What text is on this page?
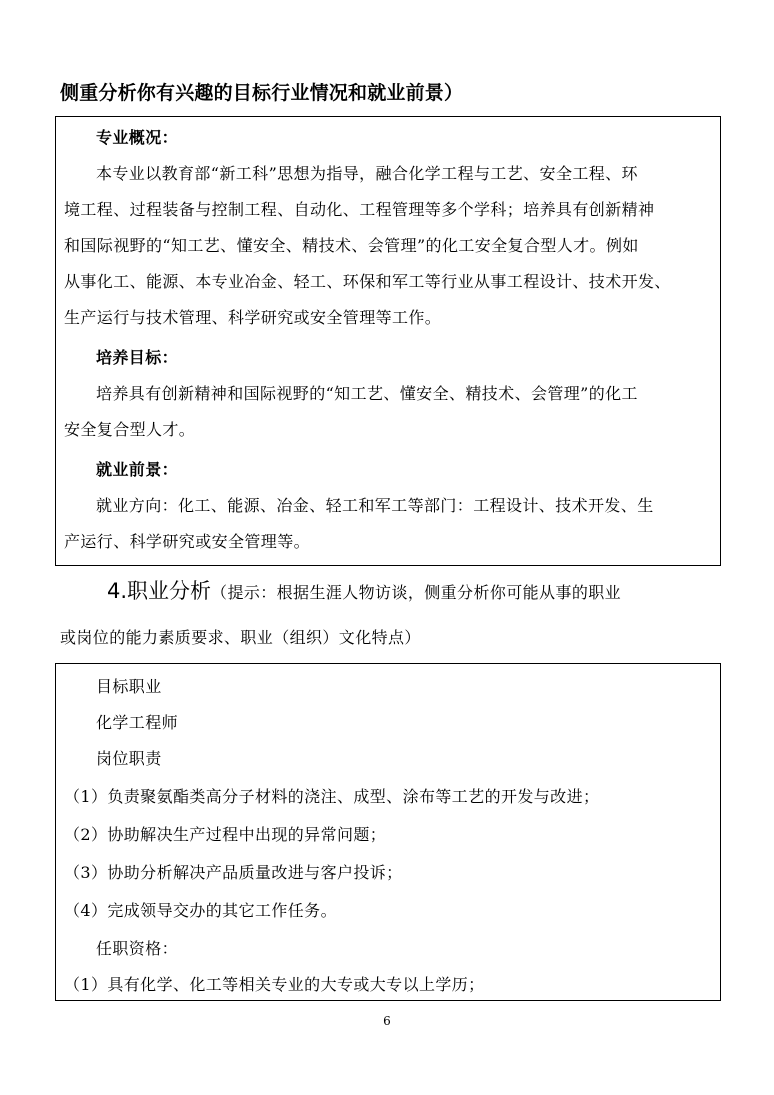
侧重分析你有兴趣的目标行业情况和就业前景）
专业概况：
本专业以教育部“新工科”思想为指导，融合化学工程与工艺、安全工程、环
境工程、过程装备与控制工程、自动化、工程管理等多个学科；培养具有创新精神
和国际视野的“知工艺、懂安全、精技术、会管理”的化工安全复合型人才。例如
从事化工、能源、本专业冶金、轻工、环保和军工等行业从事工程设计、技术开发、
生产运行与技术管理、科学研究或安全管理等工作。
培养目标：
培养具有创新精神和国际视野的“知工艺、懂安全、精技术、会管理”的化工
安全复合型人才。
就业前景：
就业方向：化工、能源、冶金、轻工和军工等部门：工程设计、技术开发、生
产运行、科学研究或安全管理等。
4.职业分析（提示：根据生涯人物访谈，侧重分析你可能从事的职业
或岗位的能力素质要求、职业（组织）文化特点）
目标职业
化学工程师
岗位职责
（1）负责聚氨酯类高分子材料的浇注、成型、涂布等工艺的开发与改进；
（2）协助解决生产过程中出现的异常问题；
（3）协助分析解决产品质量改进与客户投诉；
（4）完成领导交办的其它工作任务。
任职资格：
（1）具有化学、化工等相关专业的大专或大专以上学历；
6
